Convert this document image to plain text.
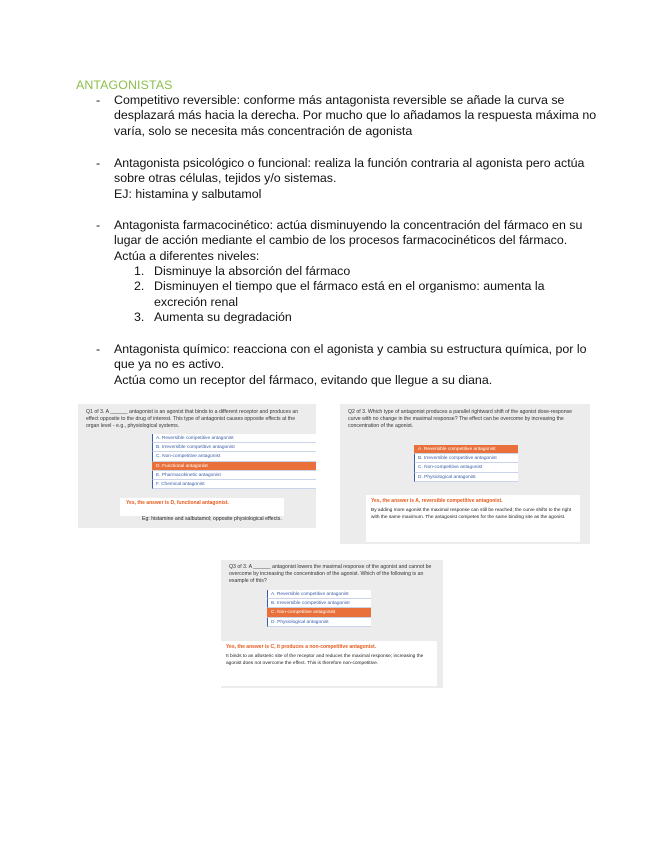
ANTAGONISTAS
- Competitivo reversible: conforme más antagonista reversible se añade la curva se
desplazará más hacia la derecha. Por mucho que lo añadamos la respuesta máxima no
varía, solo se necesita más concentración de agonista
- Antagonista psicológico o funcional: realiza la función contraria al agonista pero actúa
sobre otras células, tejidos y/o sistemas.
EJ: histamina y salbutamol
- Antagonista farmacocinético: actúa disminuyendo la concentración del fármaco en su
lugar de acción mediante el cambio de los procesos farmacocinéticos del fármaco.
Actúa a diferentes niveles:
1. Disminuye la absorción del fármaco
2. Disminuyen el tiempo que el fármaco está en el organismo: aumenta la
excreción renal
3. Aumenta su degradación
- Antagonista químico: reacciona con el agonista y cambia su estructura química, por lo
que ya no es activo.
Actúa como un receptor del fármaco, evitando que llegue a su diana.
Q1 of 3. A ______ antagonist is an agonist that binds to a different receptor and produces an effect opposite to the drug of interest. This type of antagonist causes opposite effects at the organ level - e.g., physiological systems.
A. Reversible competitive antagonist
B. Irreversible competitive antagonist
C. Non-competitive antagonist
D. Functional antagonist
E. Pharmacokinetic antagonist
F. Chemical antagonist
Yes, the answer is D, functional antagonist.
Eg: histamine and salbutamol; opposite physiological effects.
Q2 of 3. Which type of antagonist produces a parallel rightward shift of the agonist dose-response curve with no change in the maximal response? The effect can be overcome by increasing the concentration of the agonist.
A. Reversible competitive antagonist
B. Irreversible competitive antagonist
C. Non-competitive antagonist
D. Physiological antagonist
Yes, the answer is A, reversible competitive antagonist.
By adding more agonist the maximal response can still be reached; the curve shifts to the right with the same maximum. The antagonist competes for the same binding site as the agonist.
Q3 of 3. A ______ antagonist lowers the maximal response of the agonist and cannot be overcome by increasing the concentration of the agonist. Which of the following is an example of this?
A. Reversible competitive antagonist
B. Irreversible competitive antagonist
C. Non-competitive antagonist
D. Physiological antagonist
Yes, the answer is C, it produces a non-competitive antagonist.
It binds to an allosteric site of the receptor and reduces the maximal response; increasing the agonist does not overcome the effect. This is therefore non-competitive.
